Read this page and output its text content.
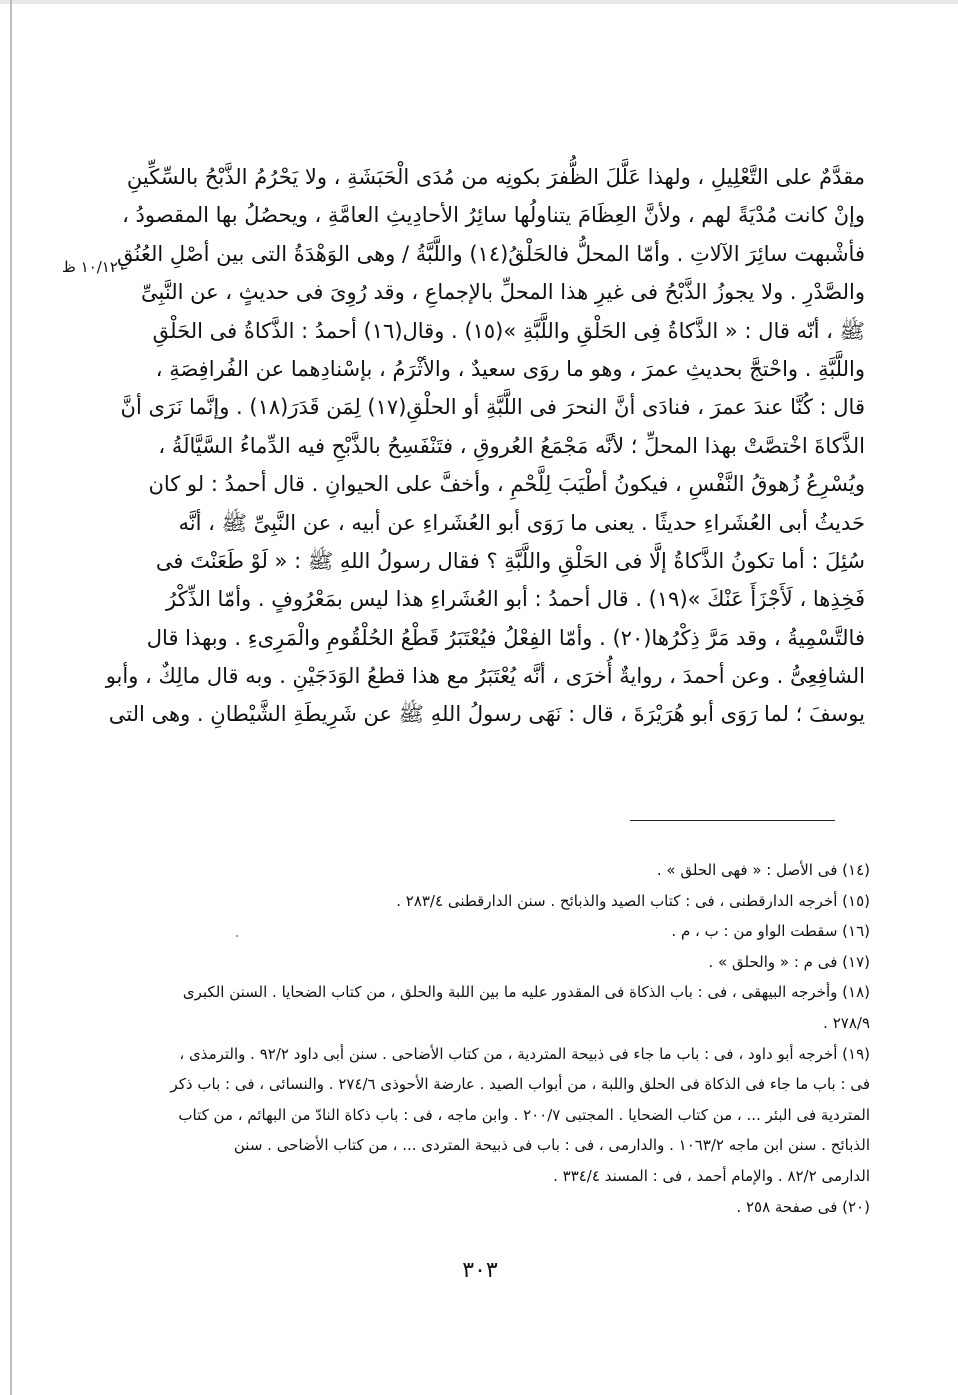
مقدَّمٌ على التَّعْلِيلِ ، ولهذا عَلَّلَ الظُّفرَ بكونِه من مُدَى الْحَبَشَةِ ، ولا يَحْرُمُ الذَّبْحُ بالسِّكِّينِ
وإنْ كانت مُدْيَةً لهم ، ولأنَّ العِظَامَ يتناولُها سائِرُ الأحادِيثِ العامَّةِ ، ويحصُلُ بها المقصودُ ،
فأشْبهت سائِرَ الآلاتِ . وأمّا المحلُّ فالحَلْقُ(١٤) واللَّبَّةُ / وهى الوَهْدَةُ التى بين أصْلِ العُنُقِ
والصَّدْرِ . ولا يجوزُ الذَّبْحُ فى غيرِ هذا المحلِّ بالإجماعِ ، وقد رُوِىَ فى حديثٍ ، عن النَّبِىِّ
ﷺ ، أنّه قال : « الذَّكاةُ فِى الحَلْقِ واللَّبَّةِ »(١٥) . وقال(١٦) أحمدُ : الذَّكاةُ فى الحَلْقِ
واللَّبَّةِ . واحْتجَّ بحديثِ عمرَ ، وهو ما روَى سعيدٌ ، والأثْرَمُ ، بإسْنادِهما عن الفُرافِصَةِ ،
قال : كُنَّا عندَ عمرَ ، فنادَى أنَّ النحرَ فى اللَّبَّةِ أو الحلْقِ(١٧) لِمَن قَدَرَ(١٨) . وإنَّما نَرَى أنَّ
الذَّكاةَ اخْتصَّتْ بهذا المحلِّ ؛ لأنَّه مَجْمَعُ العُروقِ ، فتَنْفَسِحُ بالذَّبْحِ فيه الدِّماءُ السَّيَّالَةُ ،
ويُسْرِعُ زُهوقُ النَّفْسِ ، فيكونُ أطْيَبَ لِلَّحْمِ ، وأخفَّ على الحيوانِ . قال أحمدُ : لو كان
حَديثُ أبى العُشَراءِ حديثًا . يعنى ما رَوَى أبو العُشَراءِ عن أبيه ، عن النَّبِىِّ ﷺ ، أنَّه
سُئِلَ : أما تكونُ الذَّكاةُ إلَّا فى الحَلْقِ واللَّبَّةِ ؟ فقال رسولُ اللهِ ﷺ : « لَوْ طَعَنْتَ فى
فَخِذِها ، لَأَجْزَأَ عَنْكَ »(١٩) . قال أحمدُ : أبو العُشَراءِ هذا ليس بمَعْرُوفٍ . وأمّا الذِّكْرُ
فالتَّسْمِيةُ ، وقد مَرَّ ذِكْرُها(٢٠) . وأمّا الفِعْلُ فيُعْتَبَرُ قَطْعُ الحُلْقُومِ والْمَرِىءِ . وبهذا قال
الشافِعِىُّ . وعن أحمدَ ، روايةٌ أُخرَى ، أنَّه يُعْتَبَرُ مع هذا قطعُ الوَدَجَيْنِ . وبه قال مالِكٌ ، وأبو
يوسفَ ؛ لما رَوَى أبو هُرَيْرَةَ ، قال : نَهَى رسولُ اللهِ ﷺ عن شَرِيطَةِ الشَّيْطانِ . وهى التى
١٠/١٢٠ ظ
(١٤) فى الأصل : « فهى الحلق » .
(١٥) أخرجه الدارقطنى ، فى : كتاب الصيد والذبائح . سنن الدارقطنى ٢٨٣/٤ .
(١٦) سقطت الواو من : ب ، م .
(١٧) فى م : « والحلق » .
(١٨) وأخرجه البيهقى ، فى : باب الذكاة فى المقدور عليه ما بين اللبة والحلق ، من كتاب الضحايا . السنن الكبرى
٢٧٨/٩ .
(١٩) أخرجه أبو داود ، فى : باب ما جاء فى ذبيحة المتردية ، من كتاب الأضاحى . سنن أبى داود ٩٢/٢ . والترمذى ،
فى : باب ما جاء فى الذكاة فى الحلق واللبة ، من أبواب الصيد . عارضة الأحوذى ٢٧٤/٦ . والنسائى ، فى : باب ذكر
المتردية فى البئر ... ، من كتاب الضحايا . المجتبى ٢٠٠/٧ . وابن ماجه ، فى : باب ذكاة النادّ من البهائم ، من كتاب
الذبائح . سنن ابن ماجه ١٠٦٣/٢ . والدارمى ، فى : باب فى ذبيحة المتردى ... ، من كتاب الأضاحى . سنن
الدارمى ٨٢/٢ . والإمام أحمد ، فى : المسند ٣٣٤/٤ .
(٢٠) فى صفحة ٢٥٨ .
٣٠٣
